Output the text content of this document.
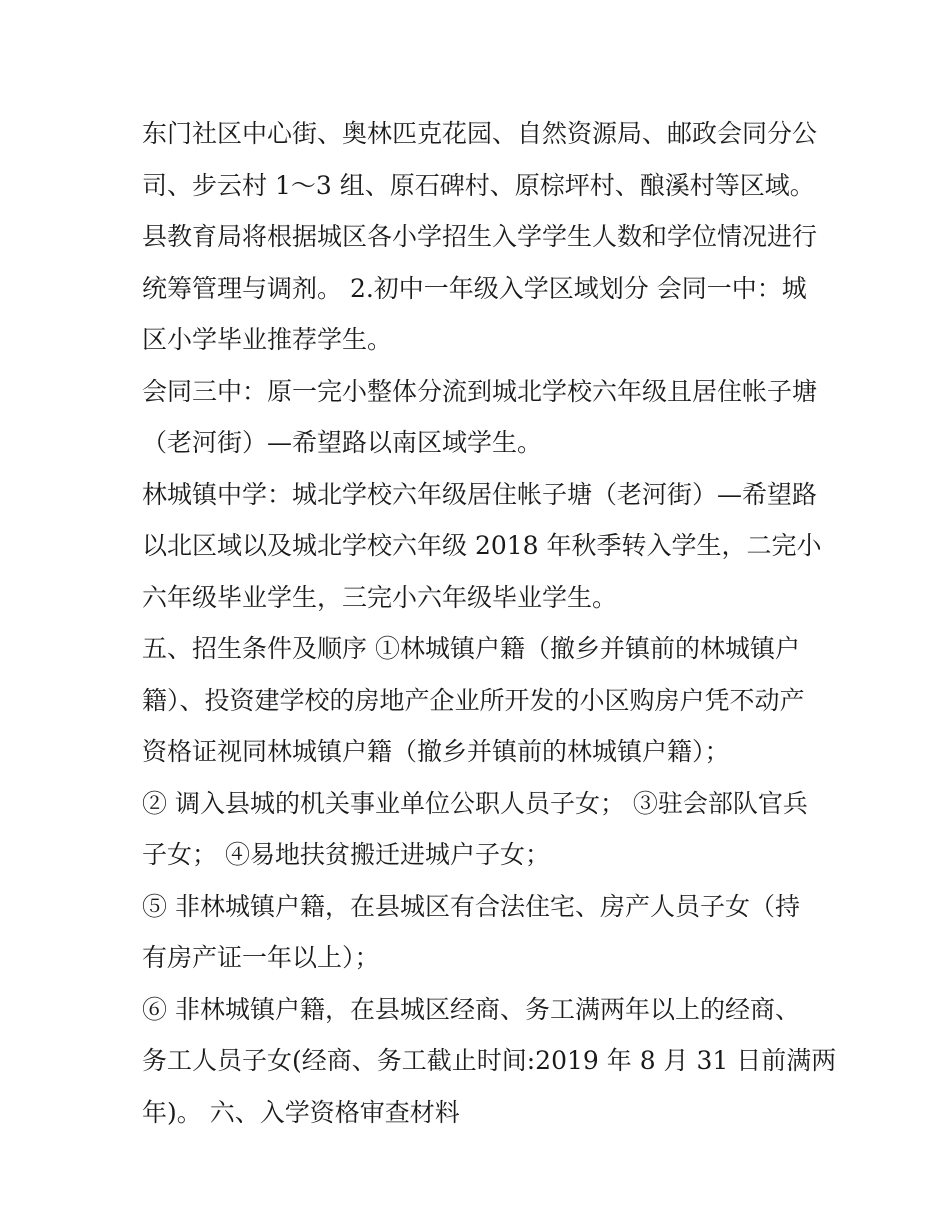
东门社区中心街、奥林匹克花园、自然资源局、邮政会同分公
司、步云村 1～3 组、原石碑村、原棕坪村、酿溪村等区域。
县教育局将根据城区各小学招生入学学生人数和学位情况进行
统筹管理与调剂。 2.初中一年级入学区域划分 会同一中：城
区小学毕业推荐学生。
会同三中：原一完小整体分流到城北学校六年级且居住帐子塘
（老河街）—希望路以南区域学生。
林城镇中学：城北学校六年级居住帐子塘（老河街）—希望路
以北区域以及城北学校六年级 2018 年秋季转入学生，二完小
六年级毕业学生，三完小六年级毕业学生。
五、招生条件及顺序 ①林城镇户籍（撤乡并镇前的林城镇户
籍）、投资建学校的房地产企业所开发的小区购房户凭不动产
资格证视同林城镇户籍（撤乡并镇前的林城镇户籍）；
② 调入县城的机关事业单位公职人员子女； ③驻会部队官兵
子女； ④易地扶贫搬迁进城户子女；
⑤ 非林城镇户籍，在县城区有合法住宅、房产人员子女（持
有房产证一年以上）；
⑥ 非林城镇户籍，在县城区经商、务工满两年以上的经商、
务工人员子女(经商、务工截止时间:2019 年 8 月 31 日前满两
年)。 六、入学资格审查材料
